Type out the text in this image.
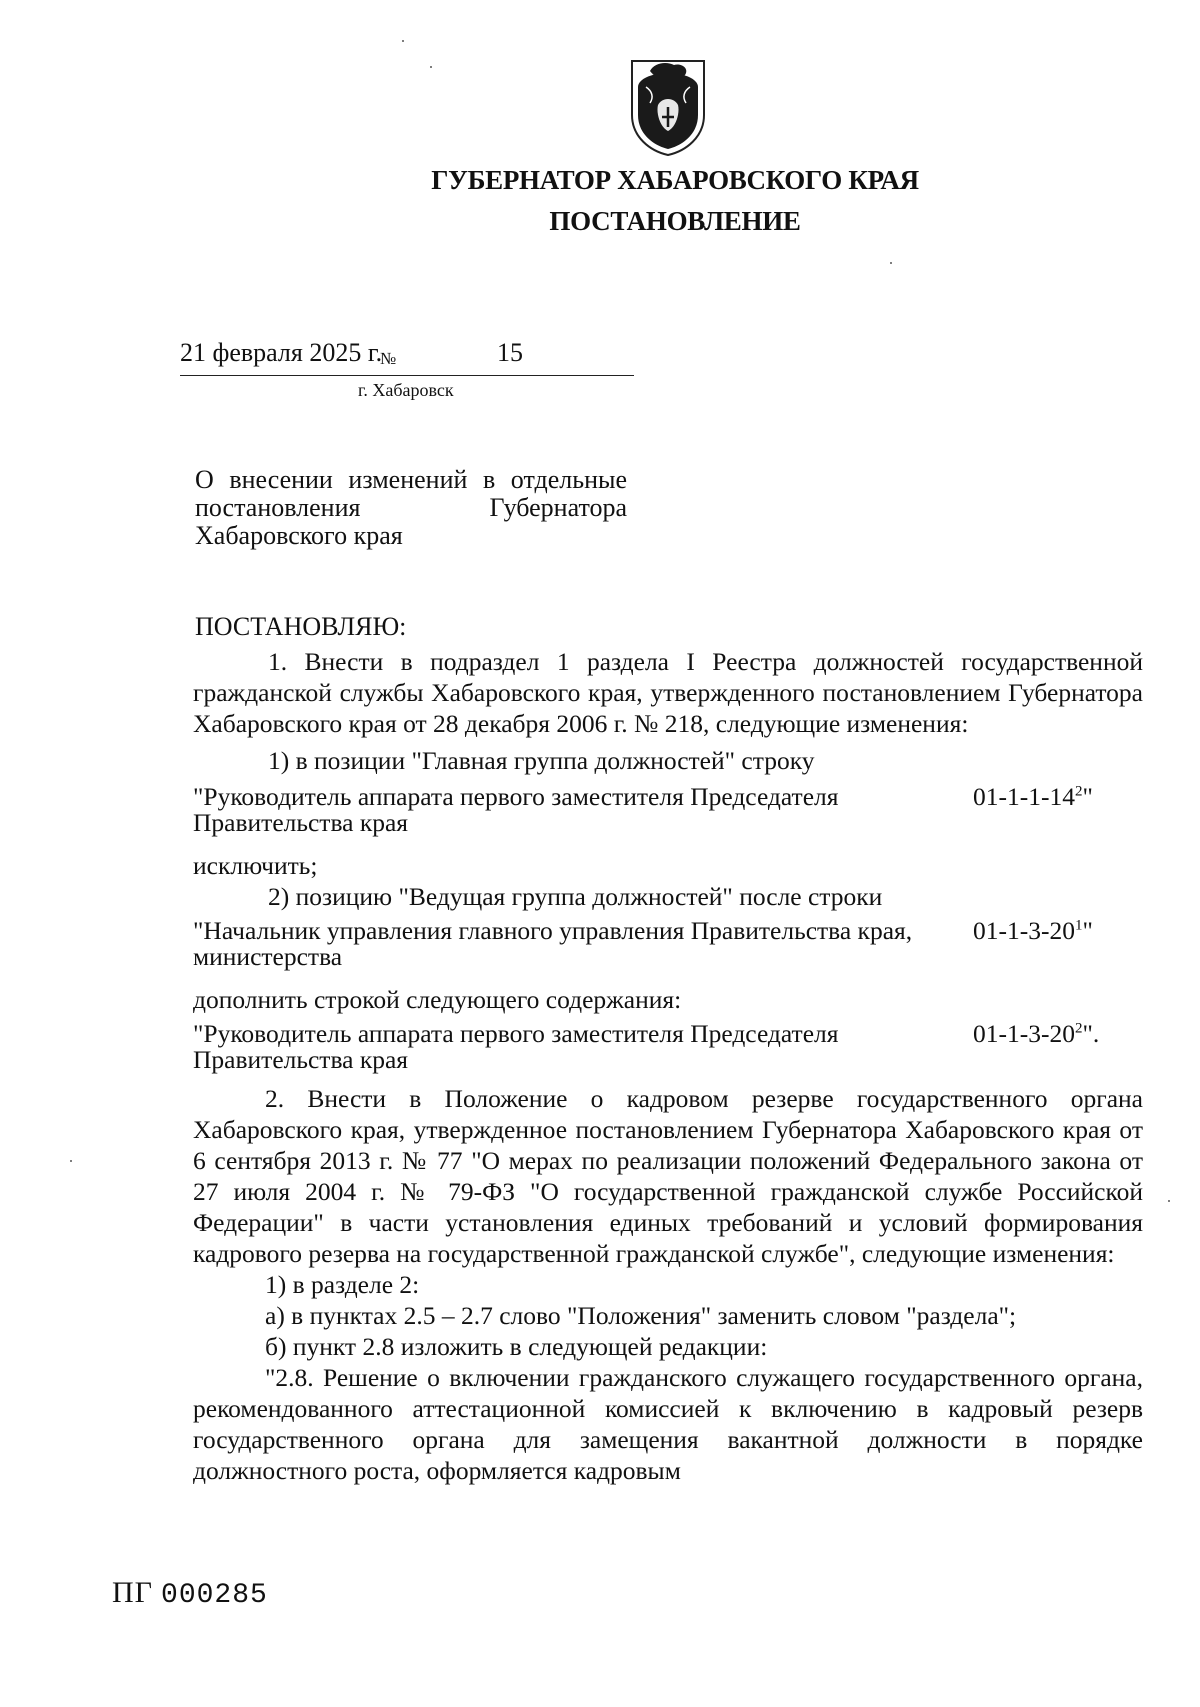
ГУБЕРНАТОР ХАБАРОВСКОГО КРАЯ
ПОСТАНОВЛЕНИЕ
21 февраля 2025 г.
№	15
г. Хабаровск
О внесении изменений в отдельные
постановления Губернатора
Хабаровского края
ПОСТАНОВЛЯЮ:

1. Внести в подраздел 1 раздела I Реестра должностей государственной гражданской службы Хабаровского края, утвержденного постановлением Губернатора Хабаровского края от 28 декабря 2006 г. № 218, следующие изменения:

1) в позиции "Главная группа должностей" строку

"Руководитель аппарата первого заместителя Председателя Правительства края
$01-1-1-14^2$"

исключить;

2) позицию "Ведущая группа должностей" после строки

"Начальник управления главного управления Правительства края, министерства
$01-1-3-20^1$"

дополнить строкой следующего содержания:

"Руководитель аппарата первого заместителя Председателя Правительства края
$01-1-3-20^2$".

2. Внести в Положение о кадровом резерве государственного органа Хабаровского края, утвержденное постановлением Губернатора Хабаровского края от 6 сентября 2013 г. № 77 "О мерах по реализации положений Федерального закона от 27 июля 2004 г. № 79-ФЗ "О государственной гражданской службе Российской Федерации" в части установления единых требований и условий формирования кадрового резерва на государственной гражданской службе", следующие изменения:

1) в разделе 2:

а) в пунктах 2.5 – 2.7 слово "Положения" заменить словом "раздела";

б) пункт 2.8 изложить в следующей редакции:

"2.8. Решение о включении гражданского служащего государственного органа, рекомендованного аттестационной комиссией к включению в кадровый резерв государственного органа для замещения вакантной должности в порядке должностного роста, оформляется кадровым

ПГ 000285
